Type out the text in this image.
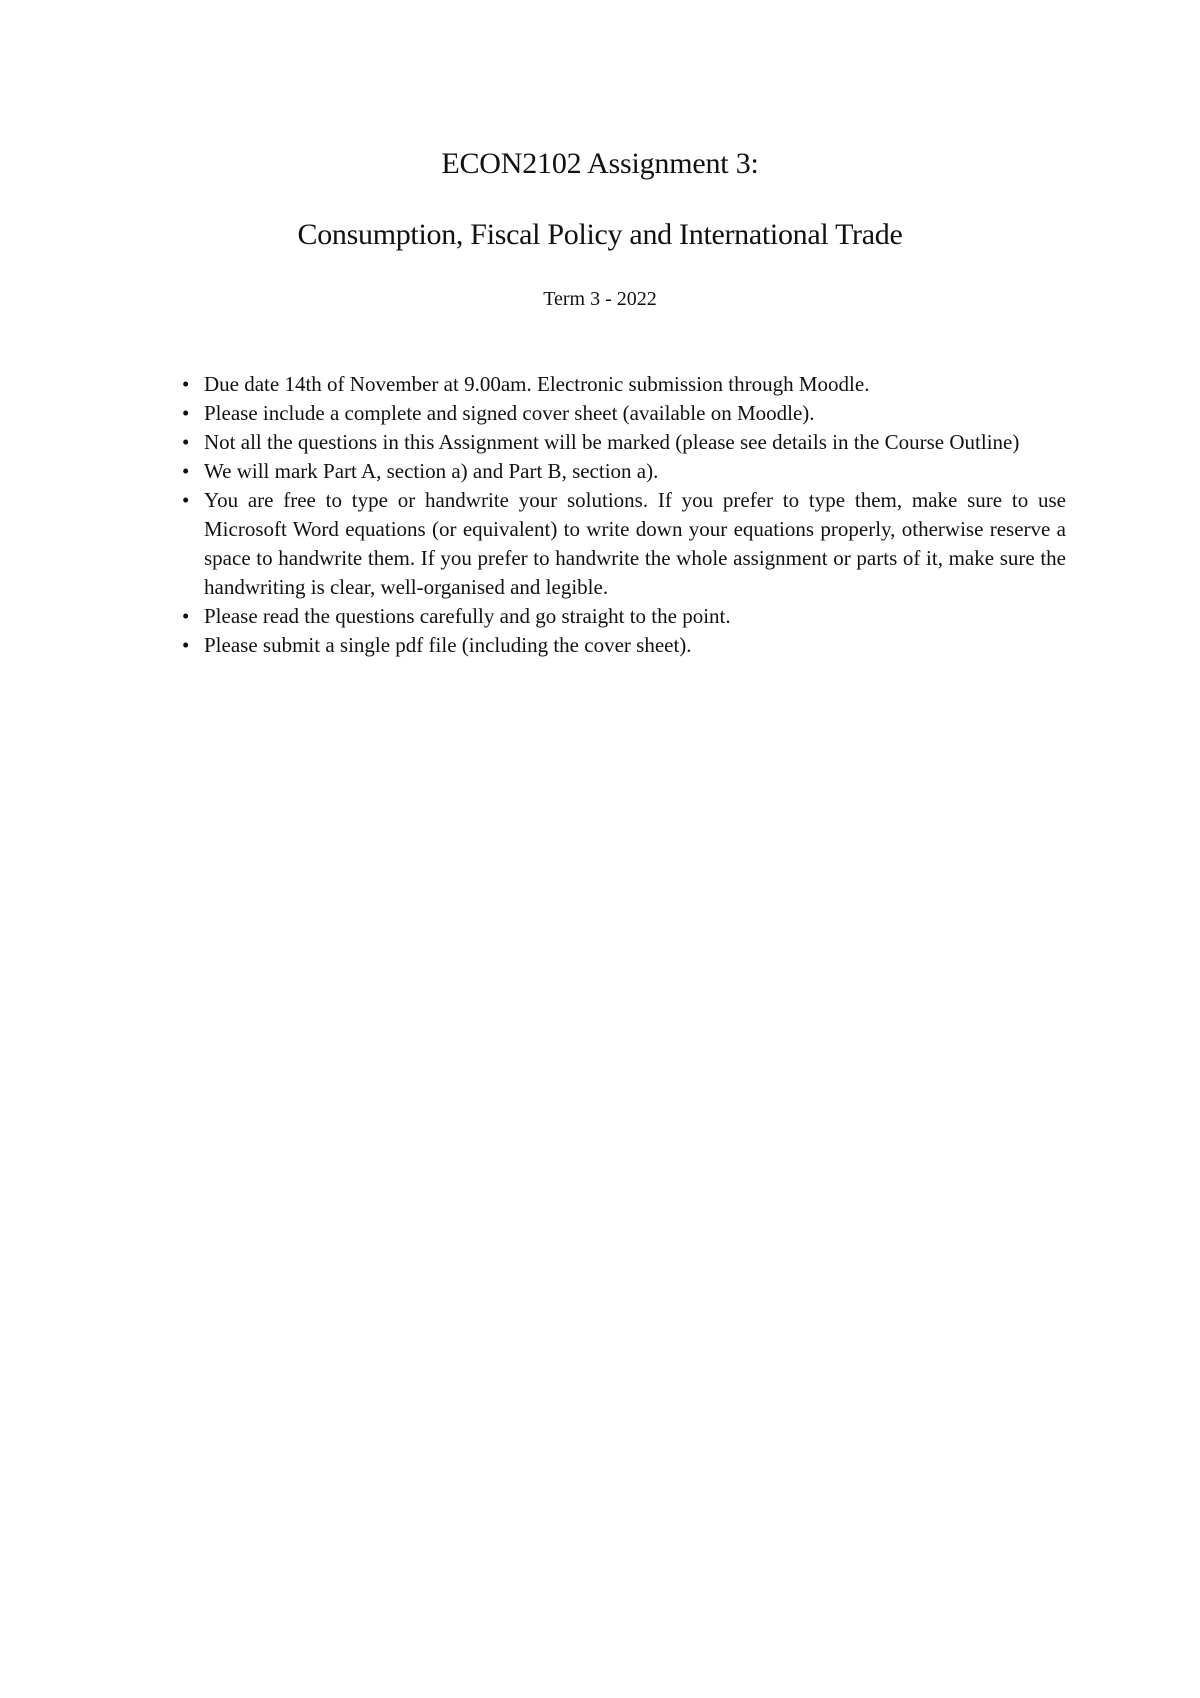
ECON2102 Assignment 3:
Consumption, Fiscal Policy and International Trade
Term 3 - 2022
• Due date 14th of November at 9.00am. Electronic submission through Moodle.
• Please include a complete and signed cover sheet (available on Moodle).
• Not all the questions in this Assignment will be marked (please see details in the Course Outline)
• We will mark Part A, section a) and Part B, section a).
• You are free to type or handwrite your solutions. If you prefer to type them, make sure to use Microsoft Word equations (or equivalent) to write down your equations properly, otherwise reserve a space to handwrite them. If you prefer to handwrite the whole assignment or parts of it, make sure the handwriting is clear, well-organised and legible.
• Please read the questions carefully and go straight to the point.
• Please submit a single pdf file (including the cover sheet).
